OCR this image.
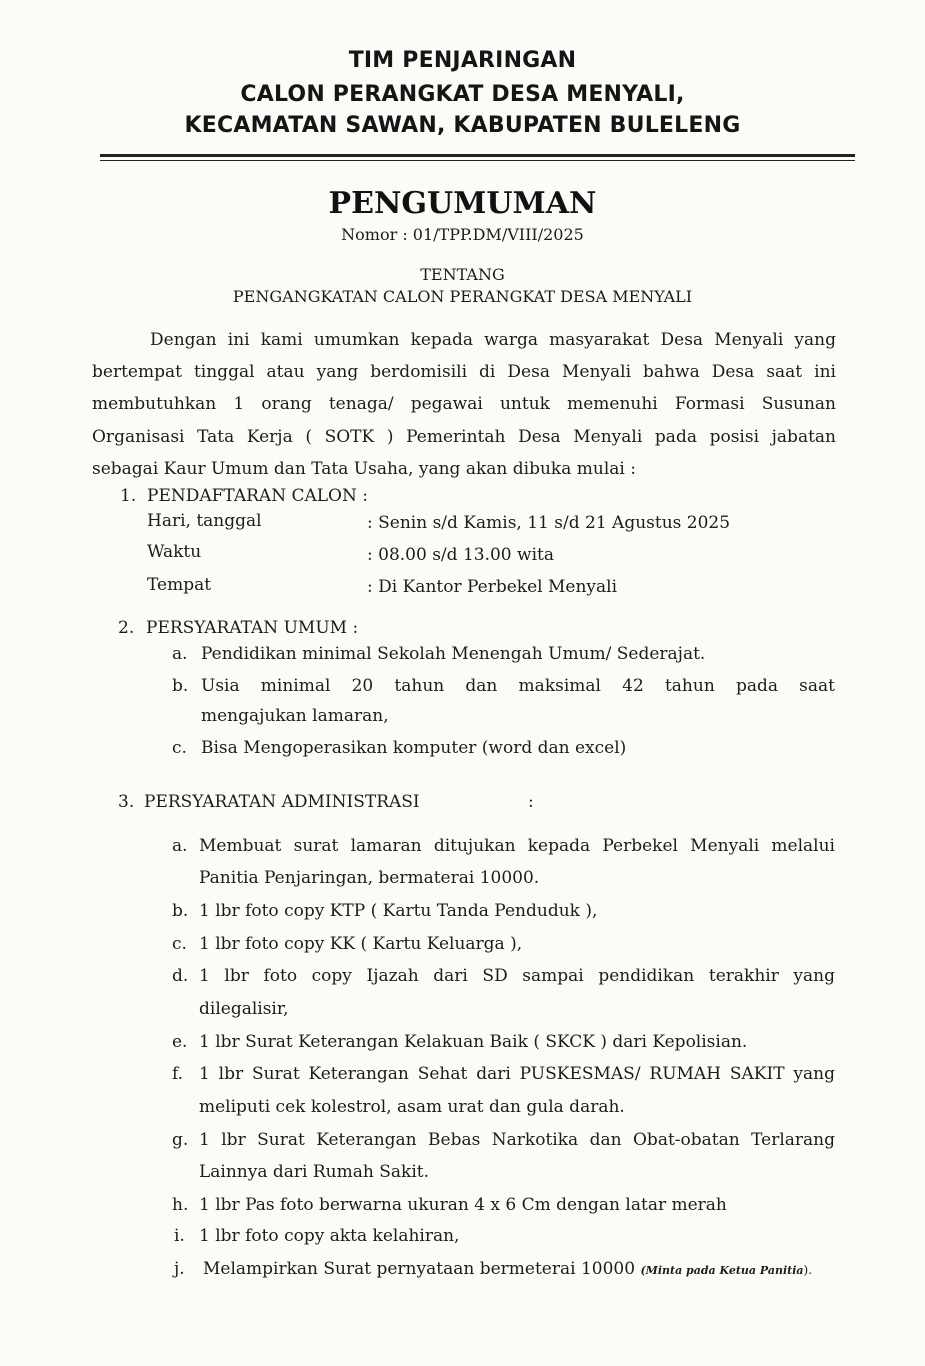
TIM PENJARINGAN
CALON PERANGKAT DESA MENYALI,
KECAMATAN SAWAN, KABUPATEN BULELENG
PENGUMUMAN
Nomor : 01/TPP.DM/VIII/2025
TENTANG
PENGANGKATAN CALON PERANGKAT DESA MENYALI
Dengan ini kami umumkan kepada warga masyarakat Desa Menyali yang
bertempat tinggal atau yang berdomisili di Desa Menyali bahwa Desa saat ini
membutuhkan 1 orang tenaga/ pegawai untuk memenuhi Formasi Susunan
Organisasi Tata Kerja ( SOTK ) Pemerintah Desa Menyali pada posisi jabatan
sebagai Kaur Umum dan Tata Usaha, yang akan dibuka mulai :
1. PENDAFTARAN CALON :
Hari, tanggal	: Senin s/d Kamis, 11 s/d 21 Agustus 2025
Waktu	: 08.00 s/d 13.00 wita
Tempat	: Di Kantor Perbekel Menyali
2. PERSYARATAN UMUM :
a. Pendidikan minimal Sekolah Menengah Umum/ Sederajat.
b. Usia    minimal    20    tahun    dan    maksimal    42    tahun    pada    saat
mengajukan lamaran,
c. Bisa Mengoperasikan komputer (word dan excel)
3. PERSYARATAN ADMINISTRASI	:
a. Membuat surat lamaran ditujukan kepada Perbekel Menyali melalui
Panitia Penjaringan, bermaterai 10000.
b. 1 lbr foto copy KTP ( Kartu Tanda Penduduk ),
c. 1 lbr foto copy KK ( Kartu Keluarga ),
d. 1 lbr foto copy Ijazah dari SD sampai pendidikan terakhir yang
dilegalisir,
e. 1 lbr Surat Keterangan Kelakuan Baik ( SKCK ) dari Kepolisian.
f. 1 lbr Surat Keterangan Sehat dari PUSKESMAS/ RUMAH SAKIT yang
meliputi cek kolestrol, asam urat dan gula darah.
g. 1 lbr Surat Keterangan Bebas Narkotika dan Obat-obatan Terlarang
Lainnya dari Rumah Sakit.
h. 1 lbr Pas foto berwarna ukuran 4 x 6 Cm dengan latar merah
i. 1 lbr foto copy akta kelahiran,
j. Melampirkan Surat pernyataan bermeterai 10000 (Minta pada Ketua Panitia).
